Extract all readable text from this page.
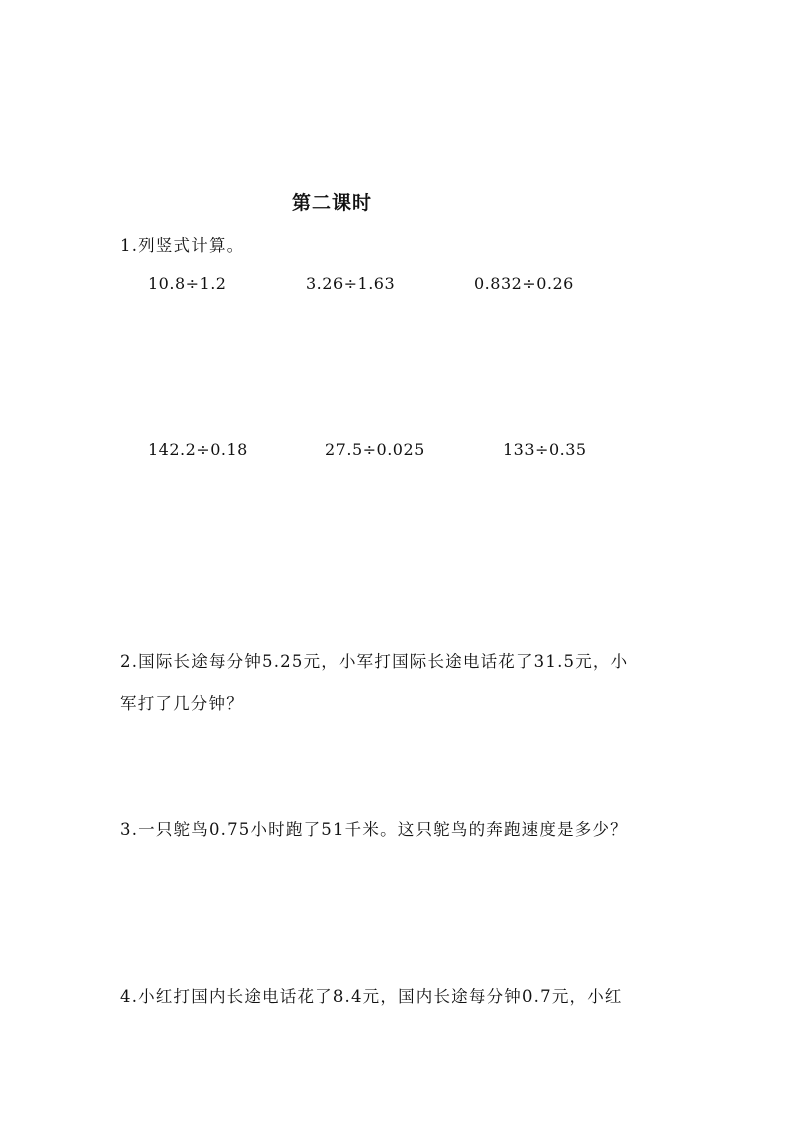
第二课时
1.列竖式计算。
10.8÷1.2	3.26÷1.63	0.832÷0.26
142.2÷0.18	27.5÷0.025	133÷0.35
2.国际长途每分钟5.25元，小军打国际长途电话花了31.5元，小
军打了几分钟？
3.一只鸵鸟0.75小时跑了51千米。这只鸵鸟的奔跑速度是多少？
4.小红打国内长途电话花了8.4元，国内长途每分钟0.7元，小红
